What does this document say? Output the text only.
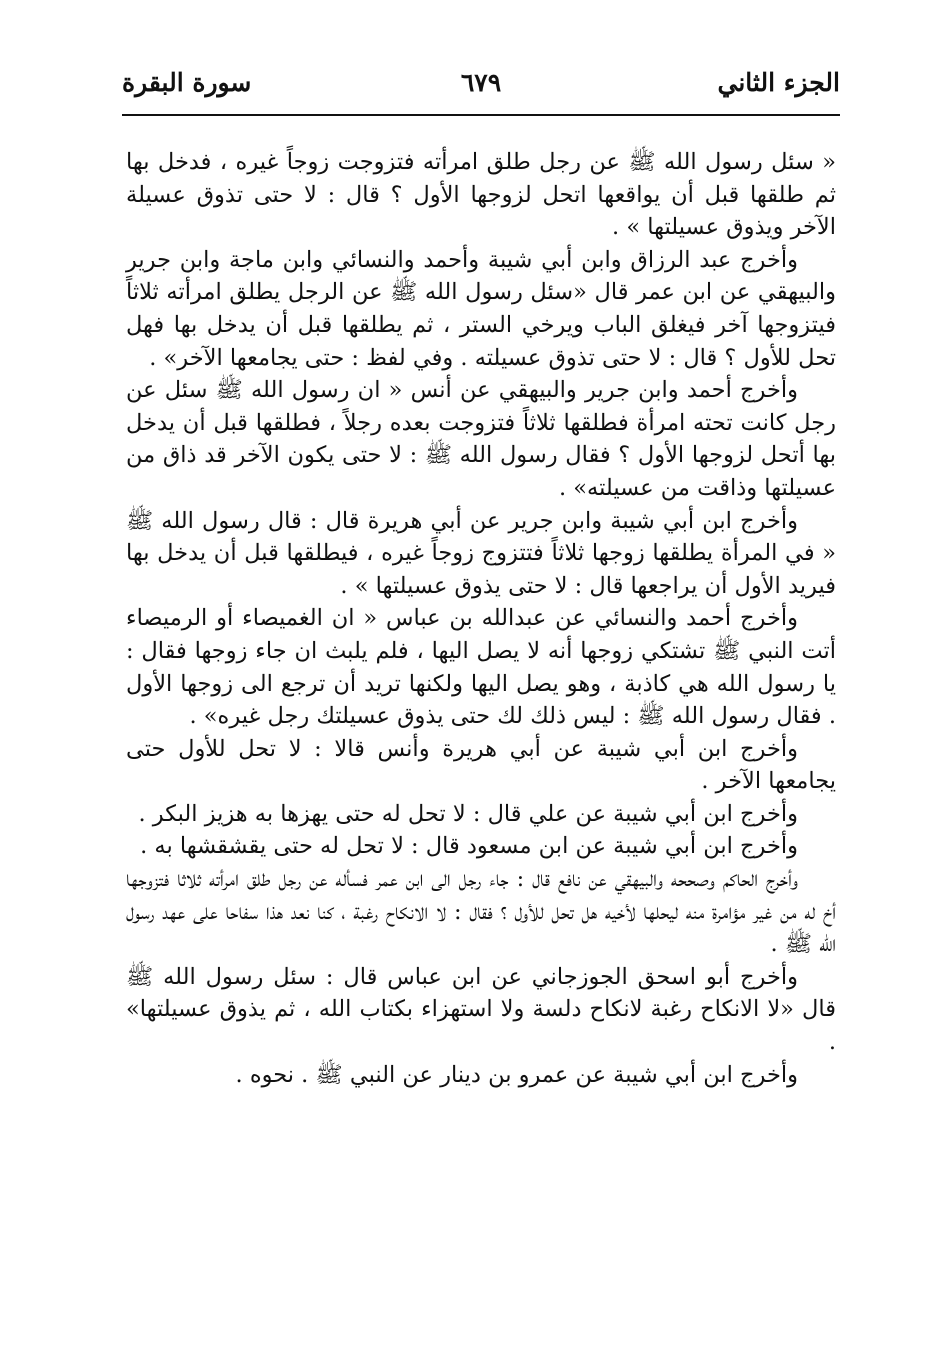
الجزء الثاني
٦٧٩
سورة البقرة

« سئل رسول الله ﷺ عن رجل طلق امرأته فتزوجت زوجاً غيره ، فدخل بها ثم طلقها قبل أن يواقعها اتحل لزوجها الأول ؟ قال : لا حتى تذوق عسيلة الآخر ويذوق عسيلتها » .

وأخرج عبد الرزاق وابن أبي شيبة وأحمد والنسائي وابن ماجة وابن جرير والبيهقي عن ابن عمر قال «سئل رسول الله ﷺ عن الرجل يطلق امرأته ثلاثاً فيتزوجها آخر فيغلق الباب ويرخي الستر ، ثم يطلقها قبل أن يدخل بها فهل تحل للأول ؟ قال : لا حتى تذوق عسيلته . وفي لفظ : حتى يجامعها الآخر» .

وأخرج أحمد وابن جرير والبيهقي عن أنس « ان رسول الله ﷺ سئل عن رجل كانت تحته امرأة فطلقها ثلاثاً فتزوجت بعده رجلاً ، فطلقها قبل أن يدخل بها أتحل لزوجها الأول ؟ فقال رسول الله ﷺ : لا حتى يكون الآخر قد ذاق من عسيلتها وذاقت من عسيلته» .

وأخرج ابن أبي شيبة وابن جرير عن أبي هريرة قال : قال رسول الله ﷺ « في المرأة يطلقها زوجها ثلاثاً فتتزوج زوجاً غيره ، فيطلقها قبل أن يدخل بها فيريد الأول أن يراجعها قال : لا حتى يذوق عسيلتها » .

وأخرج أحمد والنسائي عن عبدالله بن عباس « ان الغميصاء أو الرميصاء أتت النبي ﷺ تشتكي زوجها أنه لا يصل اليها ، فلم يلبث ان جاء زوجها فقال : يا رسول الله هي كاذبة ، وهو يصل اليها ولكنها تريد أن ترجع الى زوجها الأول . فقال رسول الله ﷺ : ليس ذلك لك حتى يذوق عسيلتك رجل غيره» .

وأخرج ابن أبي شيبة عن أبي هريرة وأنس قالا : لا تحل للأول حتى يجامعها الآخر .

وأخرج ابن أبي شيبة عن علي قال : لا تحل له حتى يهزها به هزيز البكر .

وأخرج ابن أبي شيبة عن ابن مسعود قال : لا تحل له حتى يقشقشها به .

وأخرج الحاكم وصححه والبيهقي عن نافع قال : جاء رجل الى ابن عمر فسأله عن رجل طلق امرأته ثلاثا فتزوجها أخ له من غير مؤامرة منه ليحلها لأخيه هل تحل للأول ؟ فقال : لا الانكاح رغبة ، كنا نعد هذا سفاحا على عهد رسول الله ﷺ .

وأخرج أبو اسحق الجوزجاني عن ابن عباس قال : سئل رسول الله ﷺ قال «لا الانكاح رغبة لانكاح دلسة ولا استهزاء بكتاب الله ، ثم يذوق عسيلتها» .

وأخرج ابن أبي شيبة عن عمرو بن دينار عن النبي ﷺ . نحوه .
